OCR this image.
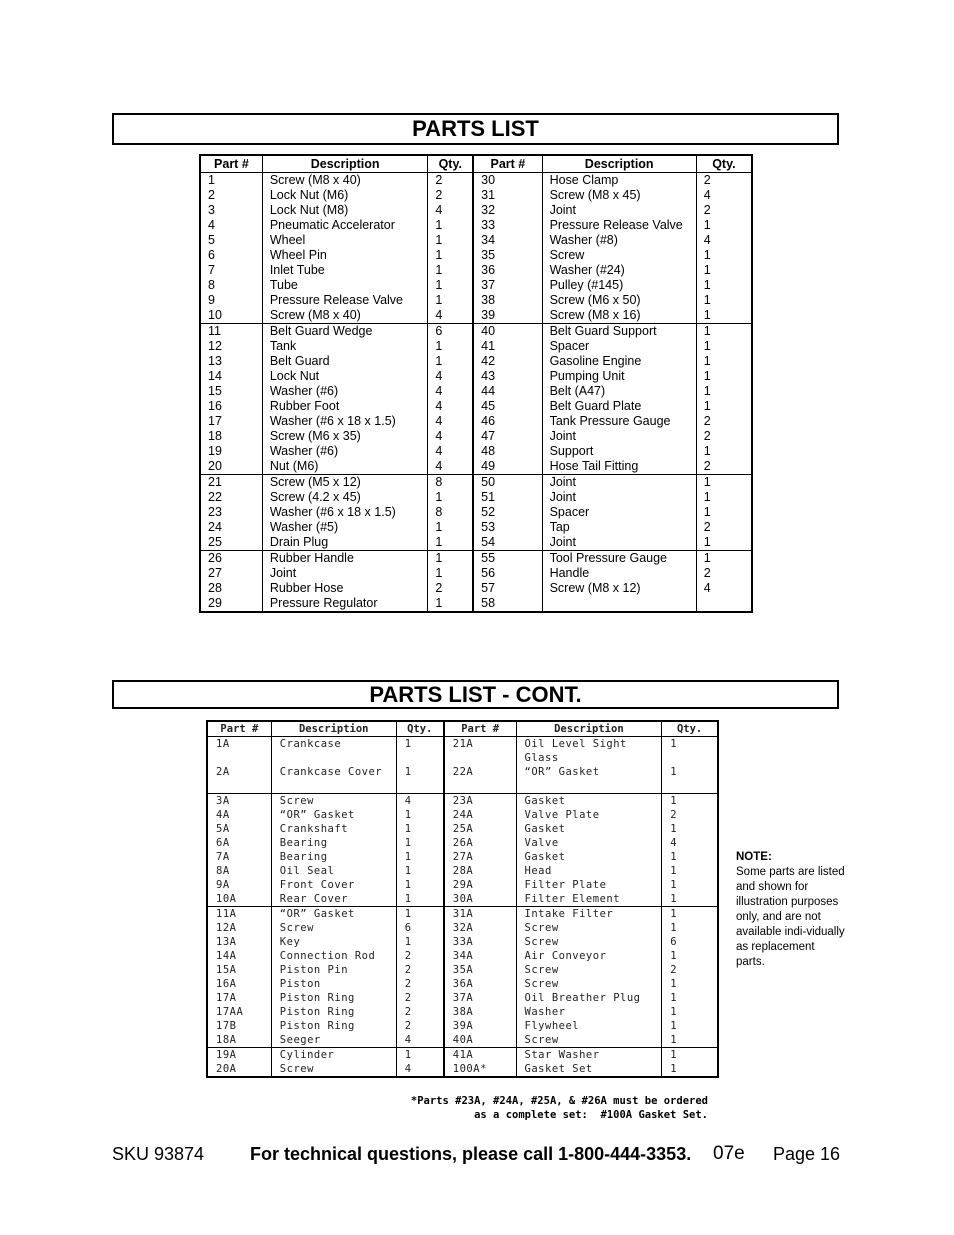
PARTS LIST
Part #	Description	Qty.	Part #	Description	Qty.
1	Screw (M8 x 40)	2	30	Hose Clamp	2
2	Lock Nut (M6)	2	31	Screw (M8 x 45)	4
3	Lock Nut (M8)	4	32	Joint	2
4	Pneumatic Accelerator	1	33	Pressure Release Valve	1
5	Wheel	1	34	Washer (#8)	4
6	Wheel Pin	1	35	Screw	1
7	Inlet Tube	1	36	Washer (#24)	1
8	Tube	1	37	Pulley (#145)	1
9	Pressure Release Valve	1	38	Screw (M6 x 50)	1
10	Screw (M8 x 40)	4	39	Screw (M8 x 16)	1
11	Belt Guard Wedge	6	40	Belt Guard Support	1
12	Tank	1	41	Spacer	1
13	Belt Guard	1	42	Gasoline Engine	1
14	Lock Nut	4	43	Pumping Unit	1
15	Washer (#6)	4	44	Belt (A47)	1
16	Rubber Foot	4	45	Belt Guard Plate	1
17	Washer (#6 x 18 x 1.5)	4	46	Tank Pressure Gauge	2
18	Screw (M6 x 35)	4	47	Joint	2
19	Washer (#6)	4	48	Support	1
20	Nut (M6)	4	49	Hose Tail Fitting	2
21	Screw (M5 x 12)	8	50	Joint	1
22	Screw (4.2 x 45)	1	51	Joint	1
23	Washer (#6 x 18 x 1.5)	8	52	Spacer	1
24	Washer (#5)	1	53	Tap	2
25	Drain Plug	1	54	Joint	1
26	Rubber Handle	1	55	Tool Pressure Gauge	1
27	Joint	1	56	Handle	2
28	Rubber Hose	2	57	Screw (M8 x 12)	4
29	Pressure Regulator	1	58		
PARTS LIST - CONT.
Part #	Description	Qty.	Part #	Description	Qty.
1A	Crankcase	1	21A	Oil Level Sight Glass	1
2A	Crankcase Cover	1	22A	“OR” Gasket	1
3A	Screw	4	23A	Gasket	1
4A	“OR” Gasket	1	24A	Valve Plate	2
5A	Crankshaft	1	25A	Gasket	1
6A	Bearing	1	26A	Valve	4
7A	Bearing	1	27A	Gasket	1
8A	Oil Seal	1	28A	Head	1
9A	Front Cover	1	29A	Filter Plate	1
10A	Rear Cover	1	30A	Filter Element	1
11A	“OR” Gasket	1	31A	Intake Filter	1
12A	Screw	6	32A	Screw	1
13A	Key	1	33A	Screw	6
14A	Connection Rod	2	34A	Air Conveyor	1
15A	Piston Pin	2	35A	Screw	2
16A	Piston	2	36A	Screw	1
17A	Piston Ring	2	37A	Oil Breather Plug	1
17AA	Piston Ring	2	38A	Washer	1
17B	Piston Ring	2	39A	Flywheel	1
18A	Seeger	4	40A	Screw	1
19A	Cylinder	1	41A	Star Washer	1
20A	Screw	4	100A*	Gasket Set	1
*Parts #23A, #24A, #25A, & #26A must be ordered
as a complete set:  #100A Gasket Set.
NOTE:
Some parts are listed and shown for illustration purposes only, and are not available indi-vidually as replacement parts.
SKU 93874	For technical questions, please call 1-800-444-3353. 07e Page 16
